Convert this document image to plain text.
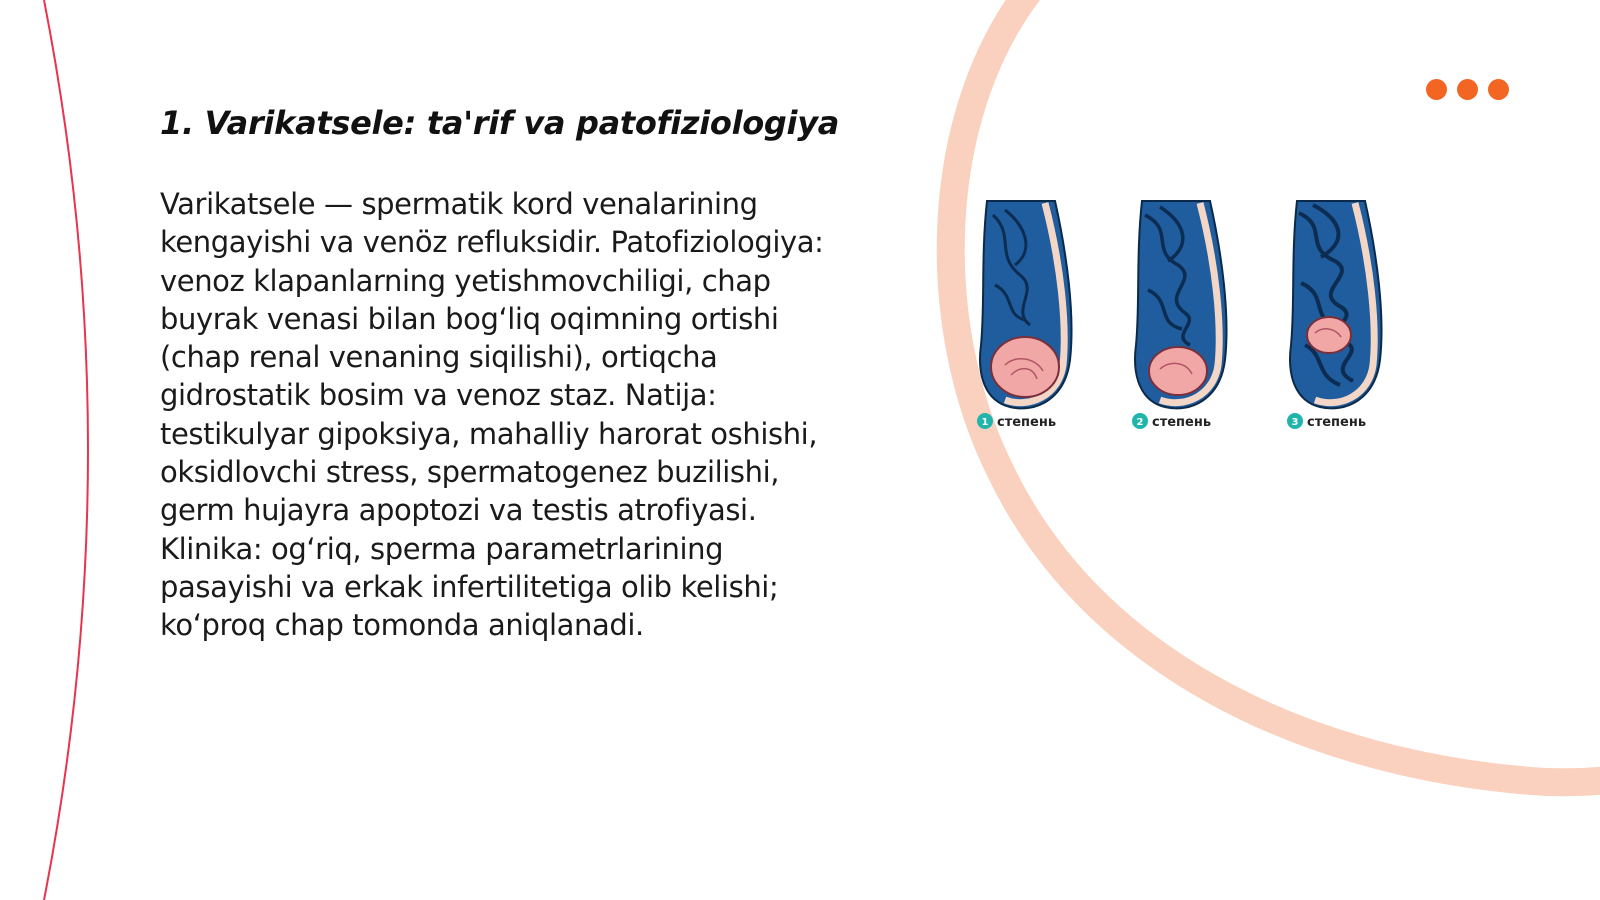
1. Varikatsele: ta'rif va patofiziologiya

Varikatsele — spermatik kord venalarining kengayishi va venöz refluksidir. Patofiziologiya: venoz klapanlarning yetishmovchiligi, chap buyrak venasi bilan bog‘liq oqimning ortishi (chap renal venaning siqilishi), ortiqcha gidrostatik bosim va venoz staz. Natija: testikulyar gipoksiya, mahalliy harorat oshishi, oksidlovchi stress, spermatogenez buzilishi, germ hujayra apoptozi va testis atrofiyasi. Klinika: og‘riq, sperma parametrlarining pasayishi va erkak infertilitetiga olib kelishi; ko‘proq chap tomonda aniqlanadi.

1 степень	2 степень	3 степень
